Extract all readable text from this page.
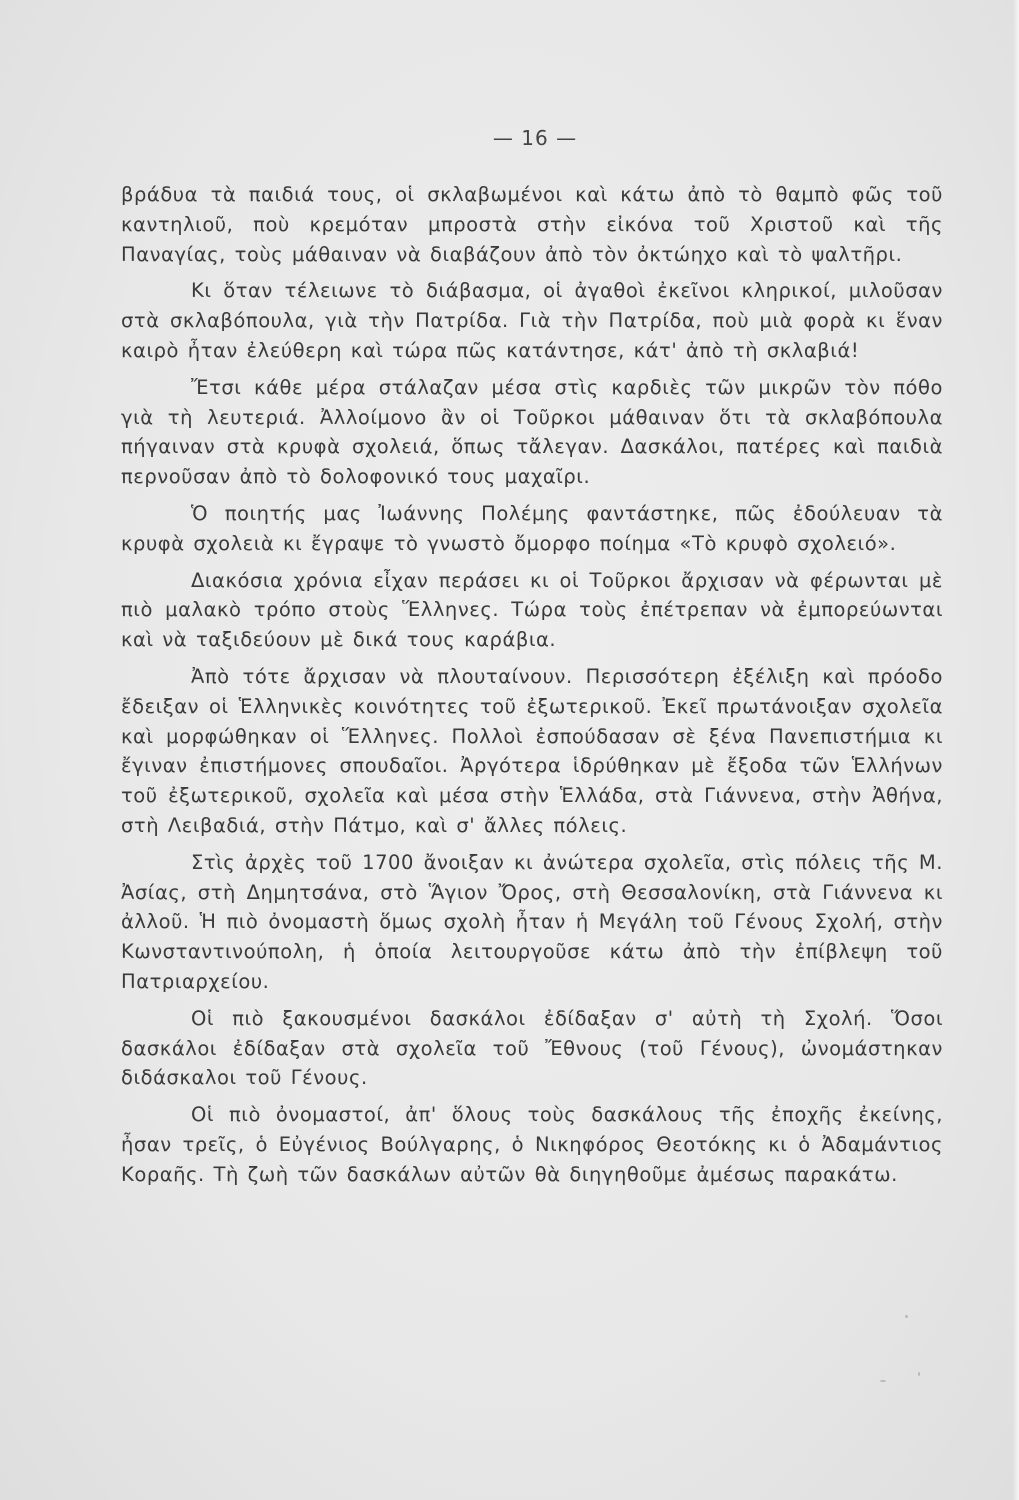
— 16 —

βράδυα τὰ παιδιά τους, οἱ σκλαβωμένοι καὶ κάτω ἀπὸ τὸ θαμπὸ φῶς τοῦ καντηλιοῦ, ποὺ κρεμόταν μπροστὰ στὴν εἰκόνα τοῦ Χριστοῦ καὶ τῆς Παναγίας, τοὺς μάθαιναν νὰ διαβάζουν ἀπὸ τὸν ὀκτώηχο καὶ τὸ ψαλτῆρι.

Κι ὅταν τέλειωνε τὸ διάβασμα, οἱ ἀγαθοὶ ἐκεῖνοι κληρικοί, μιλοῦσαν στὰ σκλαβόπουλα, γιὰ τὴν Πατρίδα. Γιὰ τὴν Πατρίδα, ποὺ μιὰ φορὰ κι ἕναν καιρὸ ἦταν ἐλεύθερη καὶ τώρα πῶς κατάντησε, κάτ' ἀπὸ τὴ σκλαβιά!

Ἔτσι κάθε μέρα στάλαζαν μέσα στὶς καρδιὲς τῶν μικρῶν τὸν πόθο γιὰ τὴ λευτεριά. Ἀλλοίμονο ἂν οἱ Τοῦρκοι μάθαιναν ὅτι τὰ σκλαβόπουλα πήγαιναν στὰ κρυφὰ σχολειά, ὅπως τἄλεγαν. Δασκάλοι, πατέρες καὶ παιδιὰ περνοῦσαν ἀπὸ τὸ δολοφονικό τους μαχαῖρι.

Ὁ ποιητής μας Ἰωάννης Πολέμης φαντάστηκε, πῶς ἐδούλευαν τὰ κρυφὰ σχολειὰ κι ἔγραψε τὸ γνωστὸ ὄμορφο ποίημα «Τὸ κρυφὸ σχολειό».

Διακόσια χρόνια εἶχαν περάσει κι οἱ Τοῦρκοι ἄρχισαν νὰ φέρωνται μὲ πιὸ μαλακὸ τρόπο στοὺς Ἕλληνες. Τώρα τοὺς ἐπέτρεπαν νὰ ἐμπορεύωνται καὶ νὰ ταξιδεύουν μὲ δικά τους καράβια.

Ἀπὸ τότε ἄρχισαν νὰ πλουταίνουν. Περισσότερη ἐξέλιξη καὶ πρόοδο ἔδειξαν οἱ Ἑλληνικὲς κοινότητες τοῦ ἐξωτερικοῦ. Ἐκεῖ πρωτάνοιξαν σχολεῖα καὶ μορφώθηκαν οἱ Ἕλληνες. Πολλοὶ ἐσπούδασαν σὲ ξένα Πανεπιστήμια κι ἔγιναν ἐπιστήμονες σπουδαῖοι. Ἀργότερα ἱδρύθηκαν μὲ ἔξοδα τῶν Ἑλλήνων τοῦ ἐξωτερικοῦ, σχολεῖα καὶ μέσα στὴν Ἑλλάδα, στὰ Γιάννενα, στὴν Ἀθήνα, στὴ Λειβαδιά, στὴν Πάτμο, καὶ σ' ἄλλες πόλεις.

Στὶς ἀρχὲς τοῦ 1700 ἄνοιξαν κι ἀνώτερα σχολεῖα, στὶς πόλεις τῆς Μ. Ἀσίας, στὴ Δημητσάνα, στὸ Ἅγιον Ὄρος, στὴ Θεσσαλονίκη, στὰ Γιάννενα κι ἀλλοῦ. Ἡ πιὸ ὀνομαστὴ ὅμως σχολὴ ἦταν ἡ Μεγάλη τοῦ Γένους Σχολή, στὴν Κωνσταντινούπολη, ἡ ὁποία λειτουργοῦσε κάτω ἀπὸ τὴν ἐπίβλεψη τοῦ Πατριαρχείου.

Οἱ πιὸ ξακουσμένοι δασκάλοι ἐδίδαξαν σ' αὐτὴ τὴ Σχολή. Ὅσοι δασκάλοι ἐδίδαξαν στὰ σχολεῖα τοῦ Ἔθνους (τοῦ Γένους), ὠνομάστηκαν διδάσκαλοι τοῦ Γένους.

Οἱ πιὸ ὀνομαστοί, ἀπ' ὅλους τοὺς δασκάλους τῆς ἐποχῆς ἐκείνης, ἦσαν τρεῖς, ὁ Εὐγένιος Βούλγαρης, ὁ Νικηφόρος Θεοτόκης κι ὁ Ἀδαμάντιος Κοραῆς. Τὴ ζωὴ τῶν δασκάλων αὐτῶν θὰ διηγηθοῦμε ἀμέσως παρακάτω.
